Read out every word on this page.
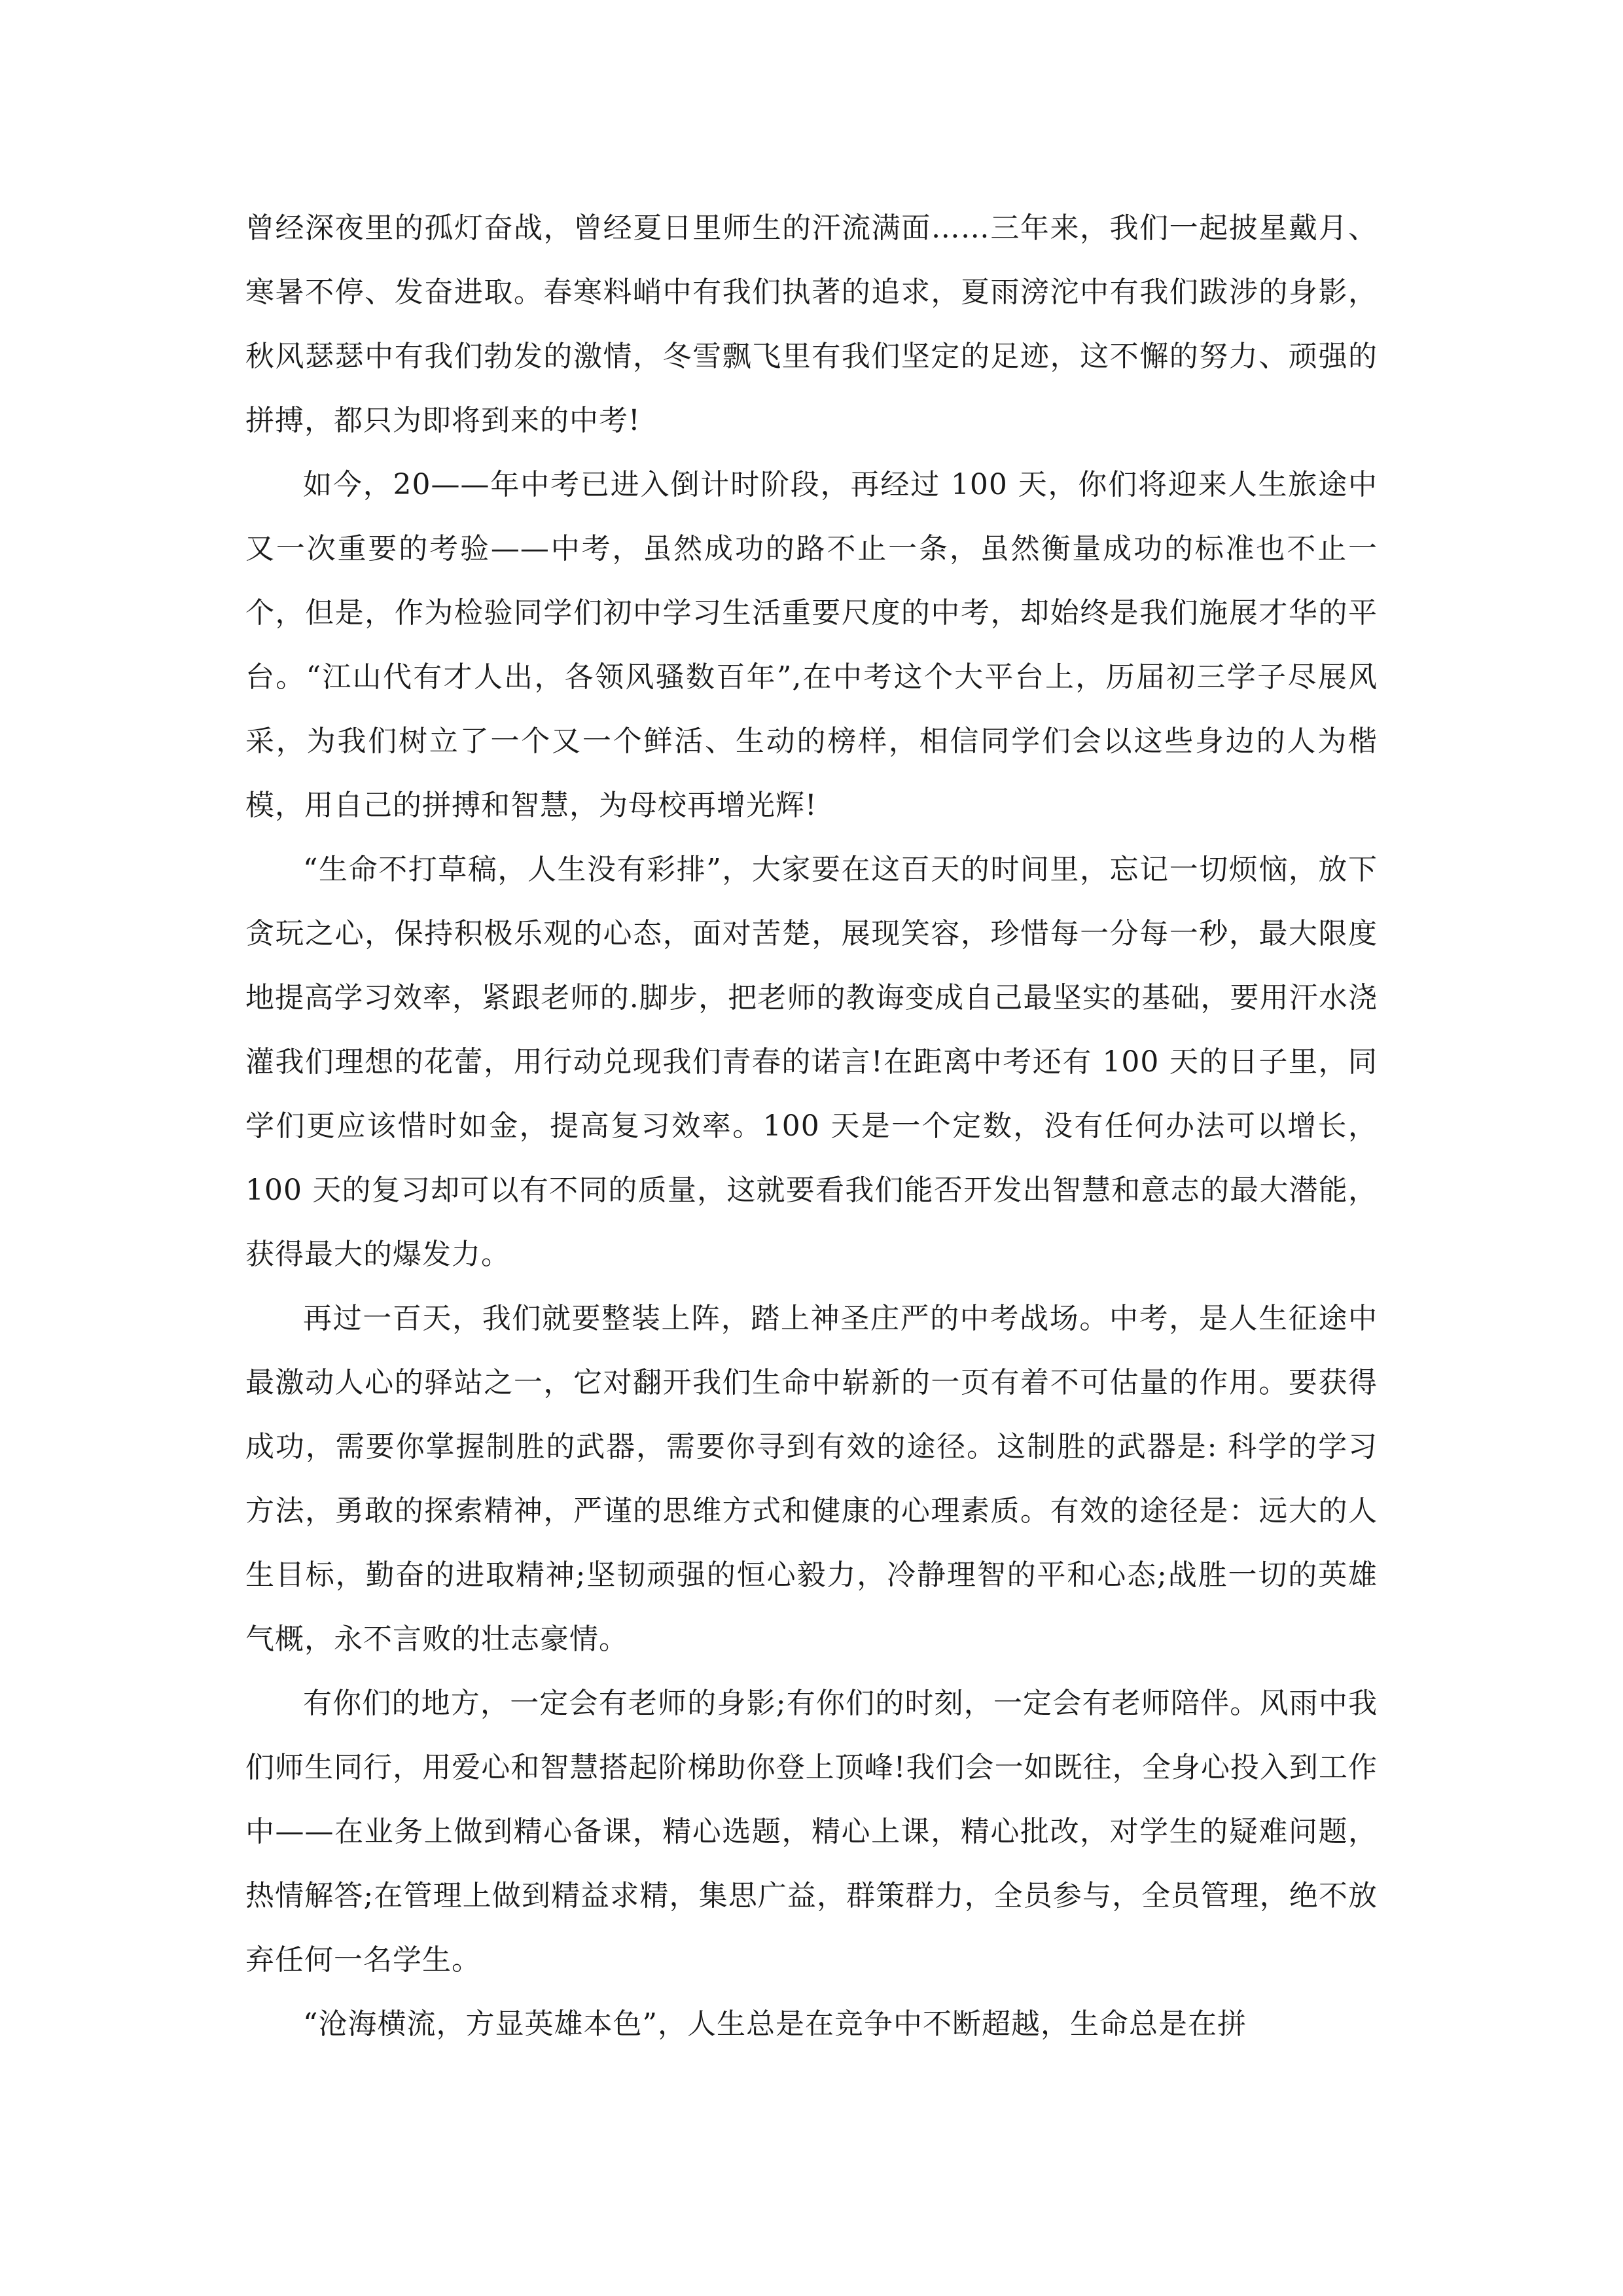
曾经深夜里的孤灯奋战，曾经夏日里师生的汗流满面……三年来，我们一起披星戴月、寒暑不停、发奋进取。春寒料峭中有我们执著的追求，夏雨滂沱中有我们跋涉的身影，秋风瑟瑟中有我们勃发的激情，冬雪飘飞里有我们坚定的足迹，这不懈的努力、顽强的拼搏，都只为即将到来的中考!

如今，20——年中考已进入倒计时阶段，再经过 100 天，你们将迎来人生旅途中又一次重要的考验——中考，虽然成功的路不止一条，虽然衡量成功的标准也不止一个，但是，作为检验同学们初中学习生活重要尺度的中考，却始终是我们施展才华的平台。“江山代有才人出，各领风骚数百年”,在中考这个大平台上，历届初三学子尽展风采，为我们树立了一个又一个鲜活、生动的榜样，相信同学们会以这些身边的人为楷模，用自己的拼搏和智慧，为母校再增光辉!

“生命不打草稿，人生没有彩排”，大家要在这百天的时间里，忘记一切烦恼，放下贪玩之心，保持积极乐观的心态，面对苦楚，展现笑容，珍惜每一分每一秒，最大限度地提高学习效率，紧跟老师的.脚步，把老师的教诲变成自己最坚实的基础，要用汗水浇灌我们理想的花蕾，用行动兑现我们青春的诺言!在距离中考还有 100 天的日子里，同学们更应该惜时如金，提高复习效率。100 天是一个定数，没有任何办法可以增长，100 天的复习却可以有不同的质量，这就要看我们能否开发出智慧和意志的最大潜能，获得最大的爆发力。

再过一百天，我们就要整装上阵，踏上神圣庄严的中考战场。中考，是人生征途中最激动人心的驿站之一，它对翻开我们生命中崭新的一页有着不可估量的作用。要获得成功，需要你掌握制胜的武器，需要你寻到有效的途径。这制胜的武器是: 科学的学习方法，勇敢的探索精神，严谨的思维方式和健康的心理素质。有效的途径是：远大的人生目标，勤奋的进取精神;坚韧顽强的恒心毅力，冷静理智的平和心态;战胜一切的英雄气概，永不言败的壮志豪情。

有你们的地方，一定会有老师的身影;有你们的时刻，一定会有老师陪伴。风雨中我们师生同行，用爱心和智慧搭起阶梯助你登上顶峰!我们会一如既往，全身心投入到工作中——在业务上做到精心备课，精心选题，精心上课，精心批改，对学生的疑难问题，热情解答;在管理上做到精益求精，集思广益，群策群力，全员参与，全员管理，绝不放弃任何一名学生。

“沧海横流，方显英雄本色”，人生总是在竞争中不断超越，生命总是在拼
